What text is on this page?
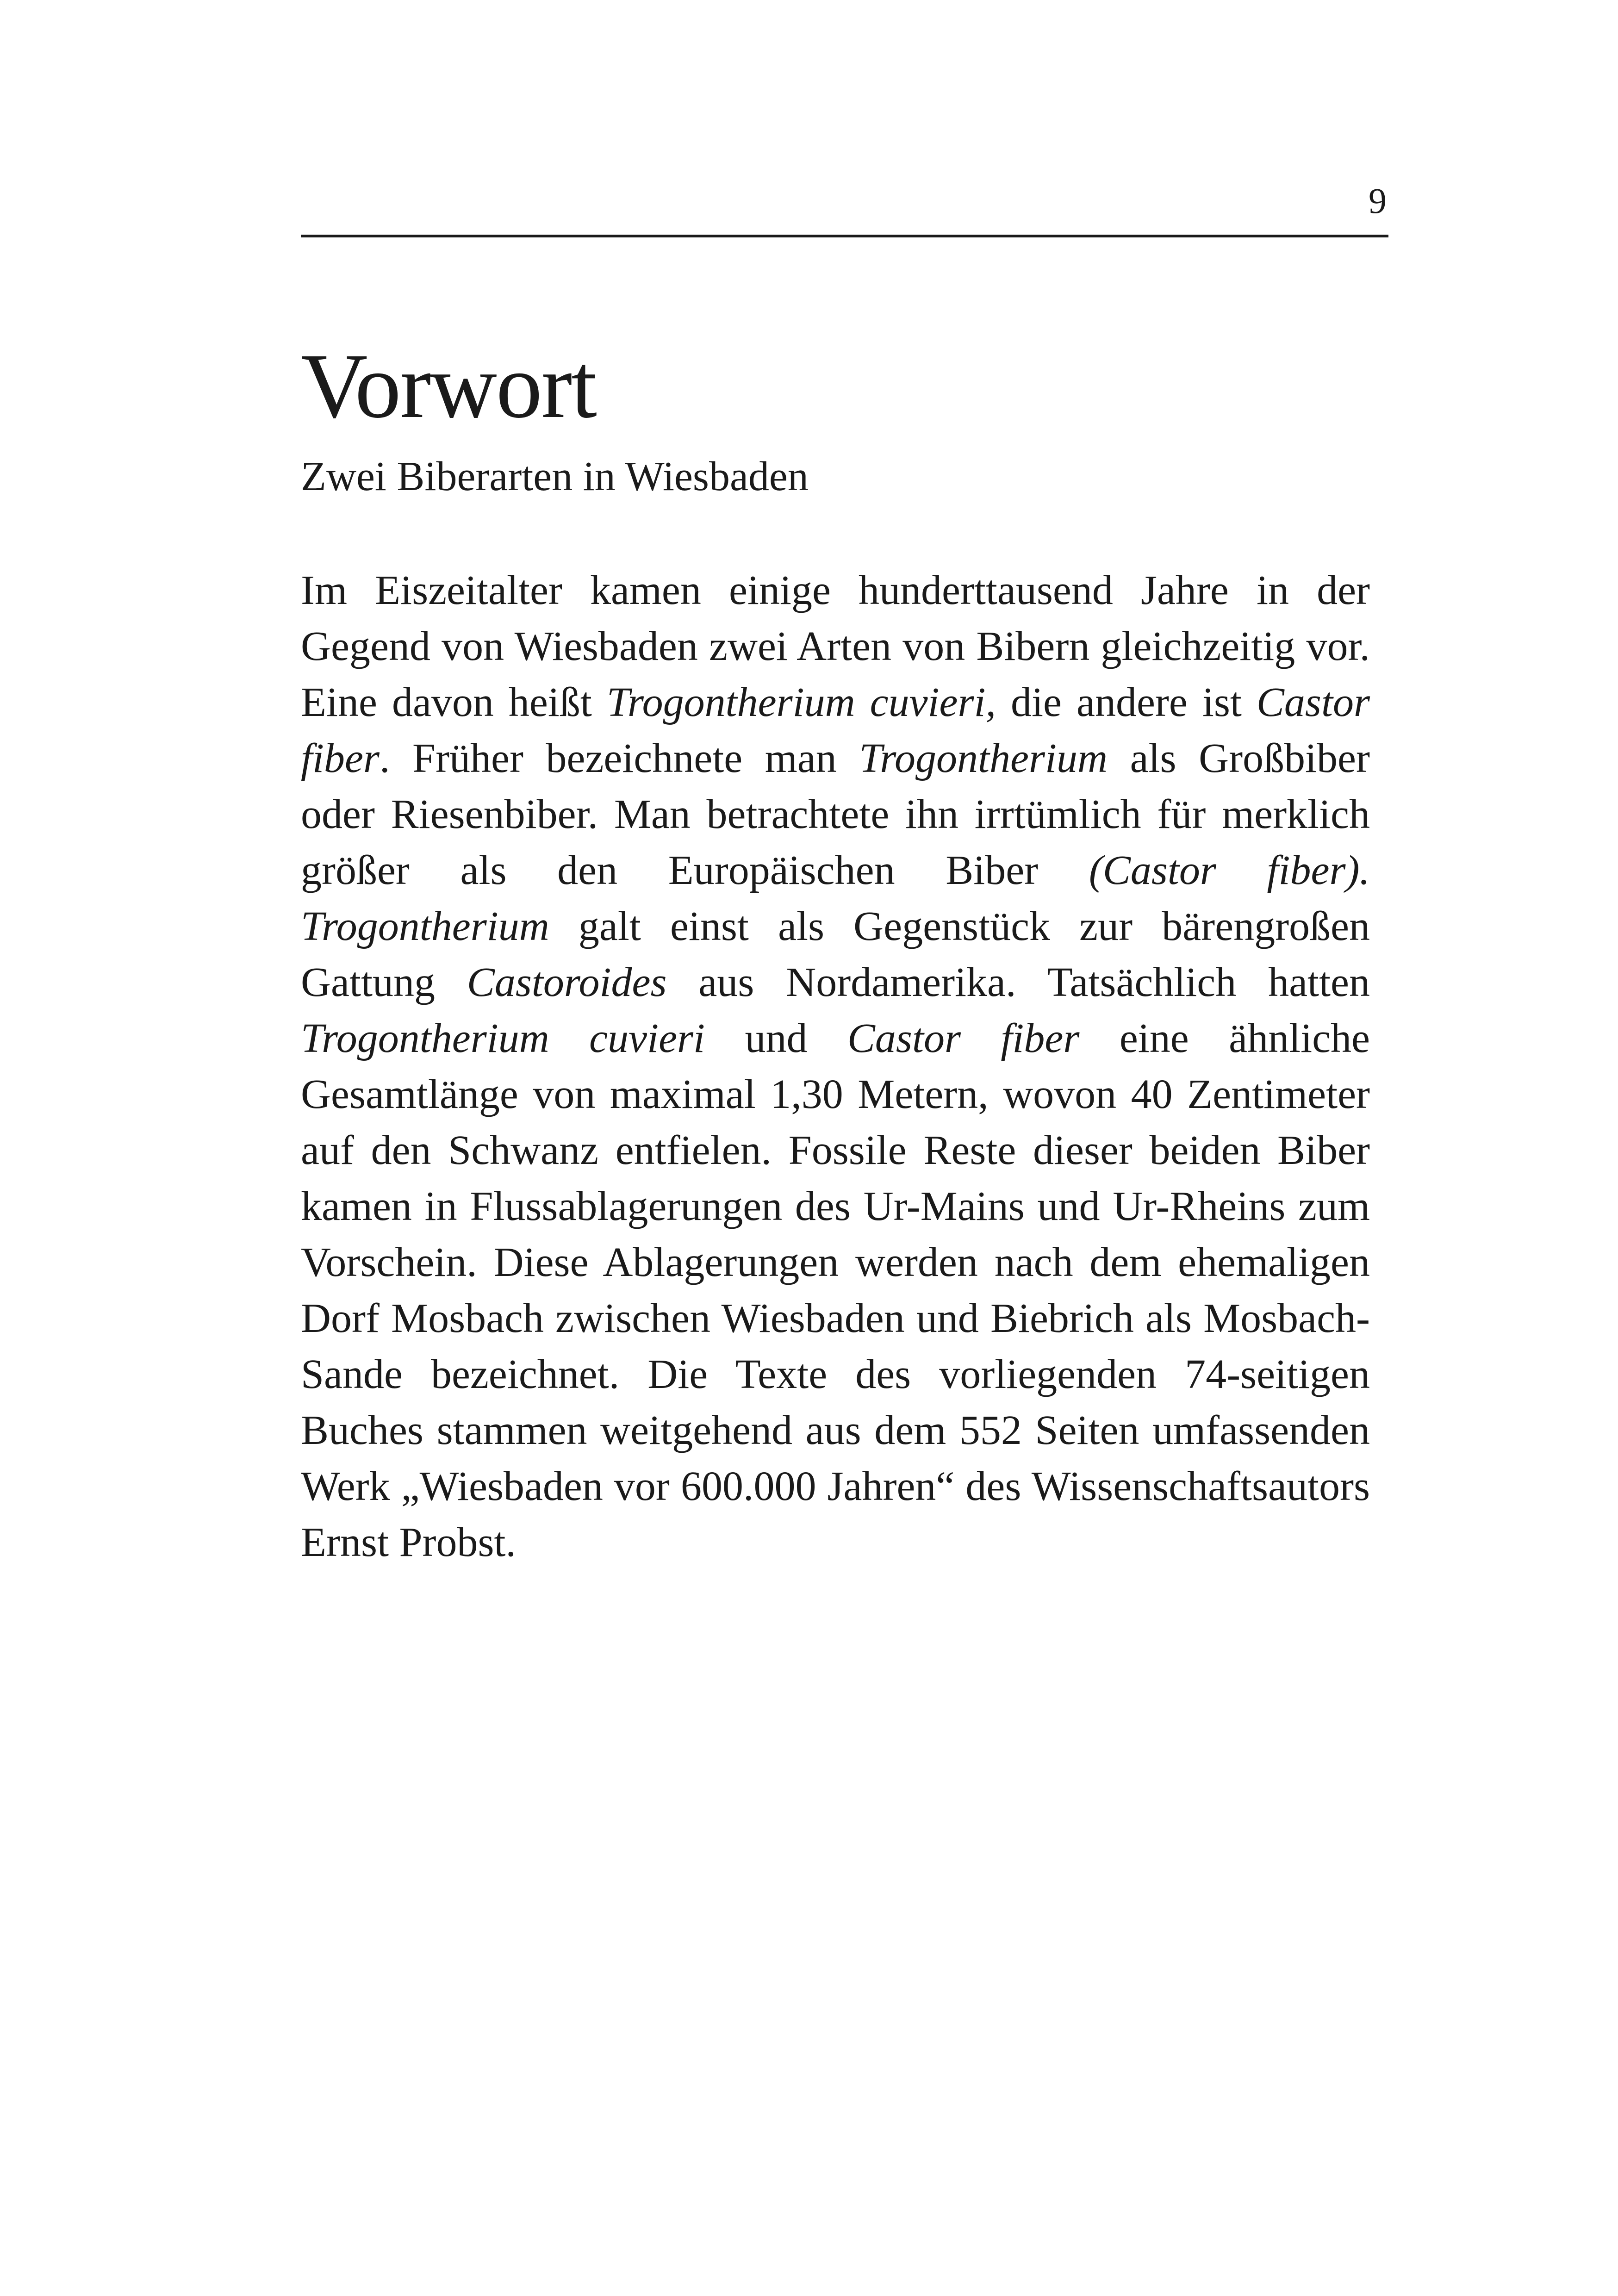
9
Vorwort
Zwei Biberarten in Wiesbaden

Im Eiszeitalter kamen einige hunderttausend Jahre in der Gegend von Wiesbaden zwei Arten von Bibern gleichzeitig vor. Eine davon heißt Trogontherium cuvieri, die andere ist Castor fiber. Früher bezeichnete man Trogontherium als Großbiber oder Riesenbiber. Man betrachtete ihn irrtümlich für merklich größer als den Europäischen Biber (Castor fiber). Trogontherium galt einst als Gegenstück zur bärengroßen Gattung Castoroides aus Nordamerika. Tatsächlich hatten Trogontherium cuvieri und Castor fiber eine ähnliche Gesamtlänge von maximal 1,30 Metern, wovon 40 Zentimeter auf den Schwanz entfielen. Fossile Reste dieser beiden Biber kamen in Flussablagerungen des Ur-Mains und Ur-Rheins zum Vorschein. Diese Ablagerungen werden nach dem ehemaligen Dorf Mosbach zwischen Wiesbaden und Biebrich als Mosbach-Sande bezeichnet. Die Texte des vorliegenden 74-seitigen Buches stammen weitgehend aus dem 552 Seiten umfassenden Werk „Wiesbaden vor 600.000 Jahren“ des Wissenschaftsautors Ernst Probst.
